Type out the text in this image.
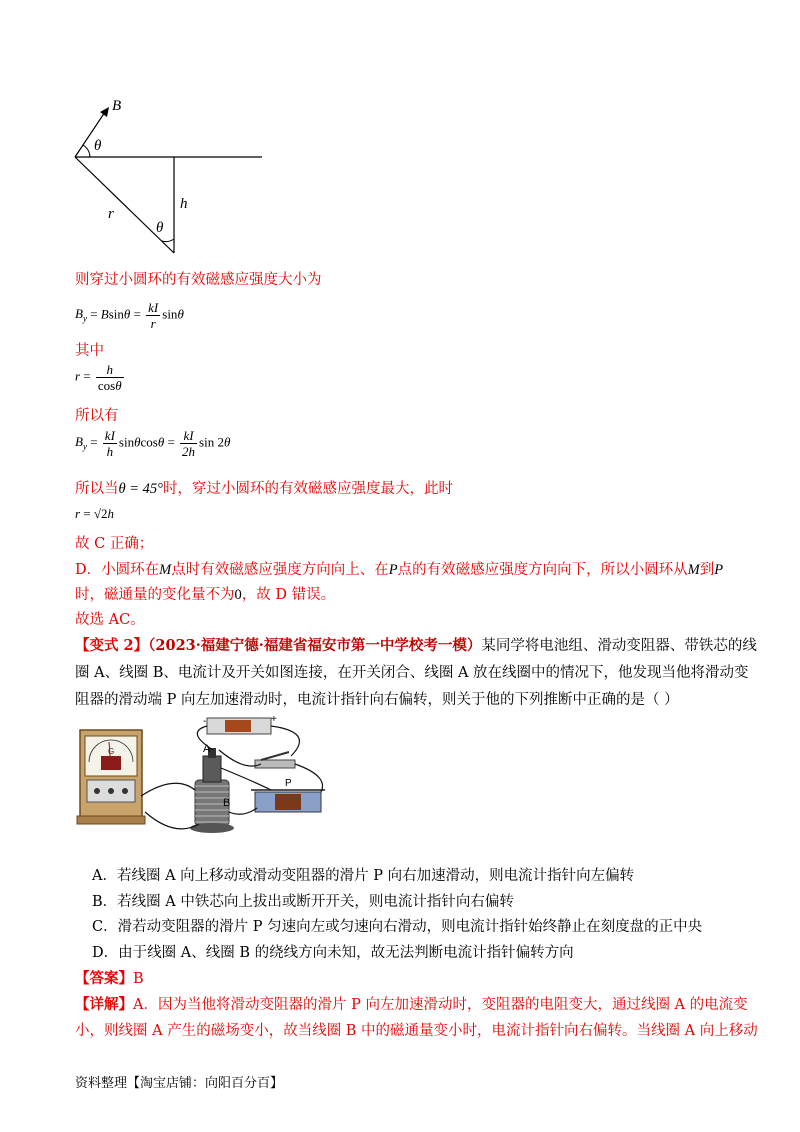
B
θ
h
r
θ
则穿过小圆环的有效磁感应强度大小为
$B_y = Bsin\theta = \frac{kI}{r}$ sinθ
其中
$r = \frac{h}{\cos\theta}$
所以有
$B_y = \frac{kI}{h}$ $\sin\theta\cos\theta = \frac{kI}{2h}$ sin 2θ
所以当θ = 45°时，穿过小圆环的有效磁感应强度最大，此时
r = √2h
故 C 正确；
D．小圆环在M点时有效磁感应强度方向向上、在P点的有效磁感应强度方向向下，所以小圆环从M到P
时，磁通量的变化量不为0，故 D 错误。
故选 AC。
【变式 2】（2023·福建宁德·福建省福安市第一中学校考一模）某同学将电池组、滑动变阻器、带铁芯的线
圈 A、线圈 B、电流计及开关如图连接，在开关闭合、线圈 A 放在线圈中的情况下，他发现当他将滑动变
阻器的滑动端 P 向左加速滑动时，电流计指针向右偏转，则关于他的下列推断中正确的是（ ）
G	A
B
-	+
P
A．若线圈 A 向上移动或滑动变阻器的滑片 P 向右加速滑动，则电流计指针向左偏转
B．若线圈 A 中铁芯向上拔出或断开开关，则电流计指针向右偏转
C．滑若动变阻器的滑片 P 匀速向左或匀速向右滑动，则电流计指针始终静止在刻度盘的正中央
D．由于线圈 A、线圈 B 的绕线方向未知，故无法判断电流计指针偏转方向
【答案】B
【详解】A．因为当他将滑动变阻器的滑片 P 向左加速滑动时，变阻器的电阻变大，通过线圈 A 的电流变
小，则线圈 A 产生的磁场变小，故当线圈 B 中的磁通量变小时，电流计指针向右偏转。当线圈 A 向上移动
资料整理【淘宝店铺：向阳百分百】
